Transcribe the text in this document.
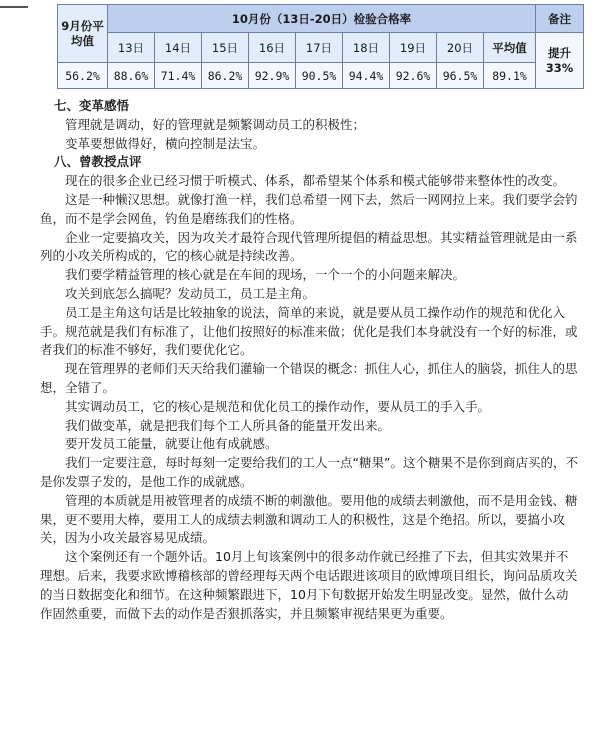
9月份平均值	10月份（13日-20日）检验合格率									备注
	13日	14日	15日	16日	17日	18日	19日	20日	平均值	提升33%
56.2%	88.6%	71.4%	86.2%	92.9%	90.5%	94.4%	92.6%	96.5%	89.1%	
七、变革感悟

管理就是调动，好的管理就是频繁调动员工的积极性；

变革要想做得好，横向控制是法宝。

八、曾教授点评

现在的很多企业已经习惯于听模式、体系，都希望某个体系和模式能够带来整体性的改变。

这是一种懒汉思想。就像打渔一样，我们总希望一网下去，然后一网网拉上来。我们要学会钓鱼，而不是学会网鱼，钓鱼是磨练我们的性格。

企业一定要搞攻关，因为攻关才最符合现代管理所提倡的精益思想。其实精益管理就是由一系列的小攻关所构成的，它的核心就是持续改善。

我们要学精益管理的核心就是在车间的现场，一个一个的小问题来解决。

攻关到底怎么搞呢？发动员工，员工是主角。

员工是主角这句话是比较抽象的说法，简单的来说，就是要从员工操作动作的规范和优化入手。规范就是我们有标准了，让他们按照好的标准来做；优化是我们本身就没有一个好的标准，或者我们的标准不够好，我们要优化它。

现在管理界的老师们天天给我们灌输一个错误的概念：抓住人心，抓住人的脑袋，抓住人的思想，全错了。

其实调动员工，它的核心是规范和优化员工的操作动作，要从员工的手入手。

我们做变革，就是把我们每个工人所具备的能量开发出来。

要开发员工能量，就要让他有成就感。

我们一定要注意，每时每刻一定要给我们的工人一点“糖果”。这个糖果不是你到商店买的，不是你发票子发的，是他工作的成就感。

管理的本质就是用被管理者的成绩不断的刺激他。要用他的成绩去刺激他，而不是用金钱、糖果，更不要用大棒，要用工人的成绩去刺激和调动工人的积极性，这是个绝招。所以，要搞小攻关，因为小攻关最容易见成绩。

这个案例还有一个题外话。10月上旬该案例中的很多动作就已经推了下去，但其实效果并不理想。后来，我要求欧博稽核部的曾经理每天两个电话跟进该项目的欧博项目组长，询问品质攻关的当日数据变化和细节。在这种频繁跟进下，10月下旬数据开始发生明显改变。显然，做什么动作固然重要，而做下去的动作是否狠抓落实，并且频繁审视结果更为重要。
